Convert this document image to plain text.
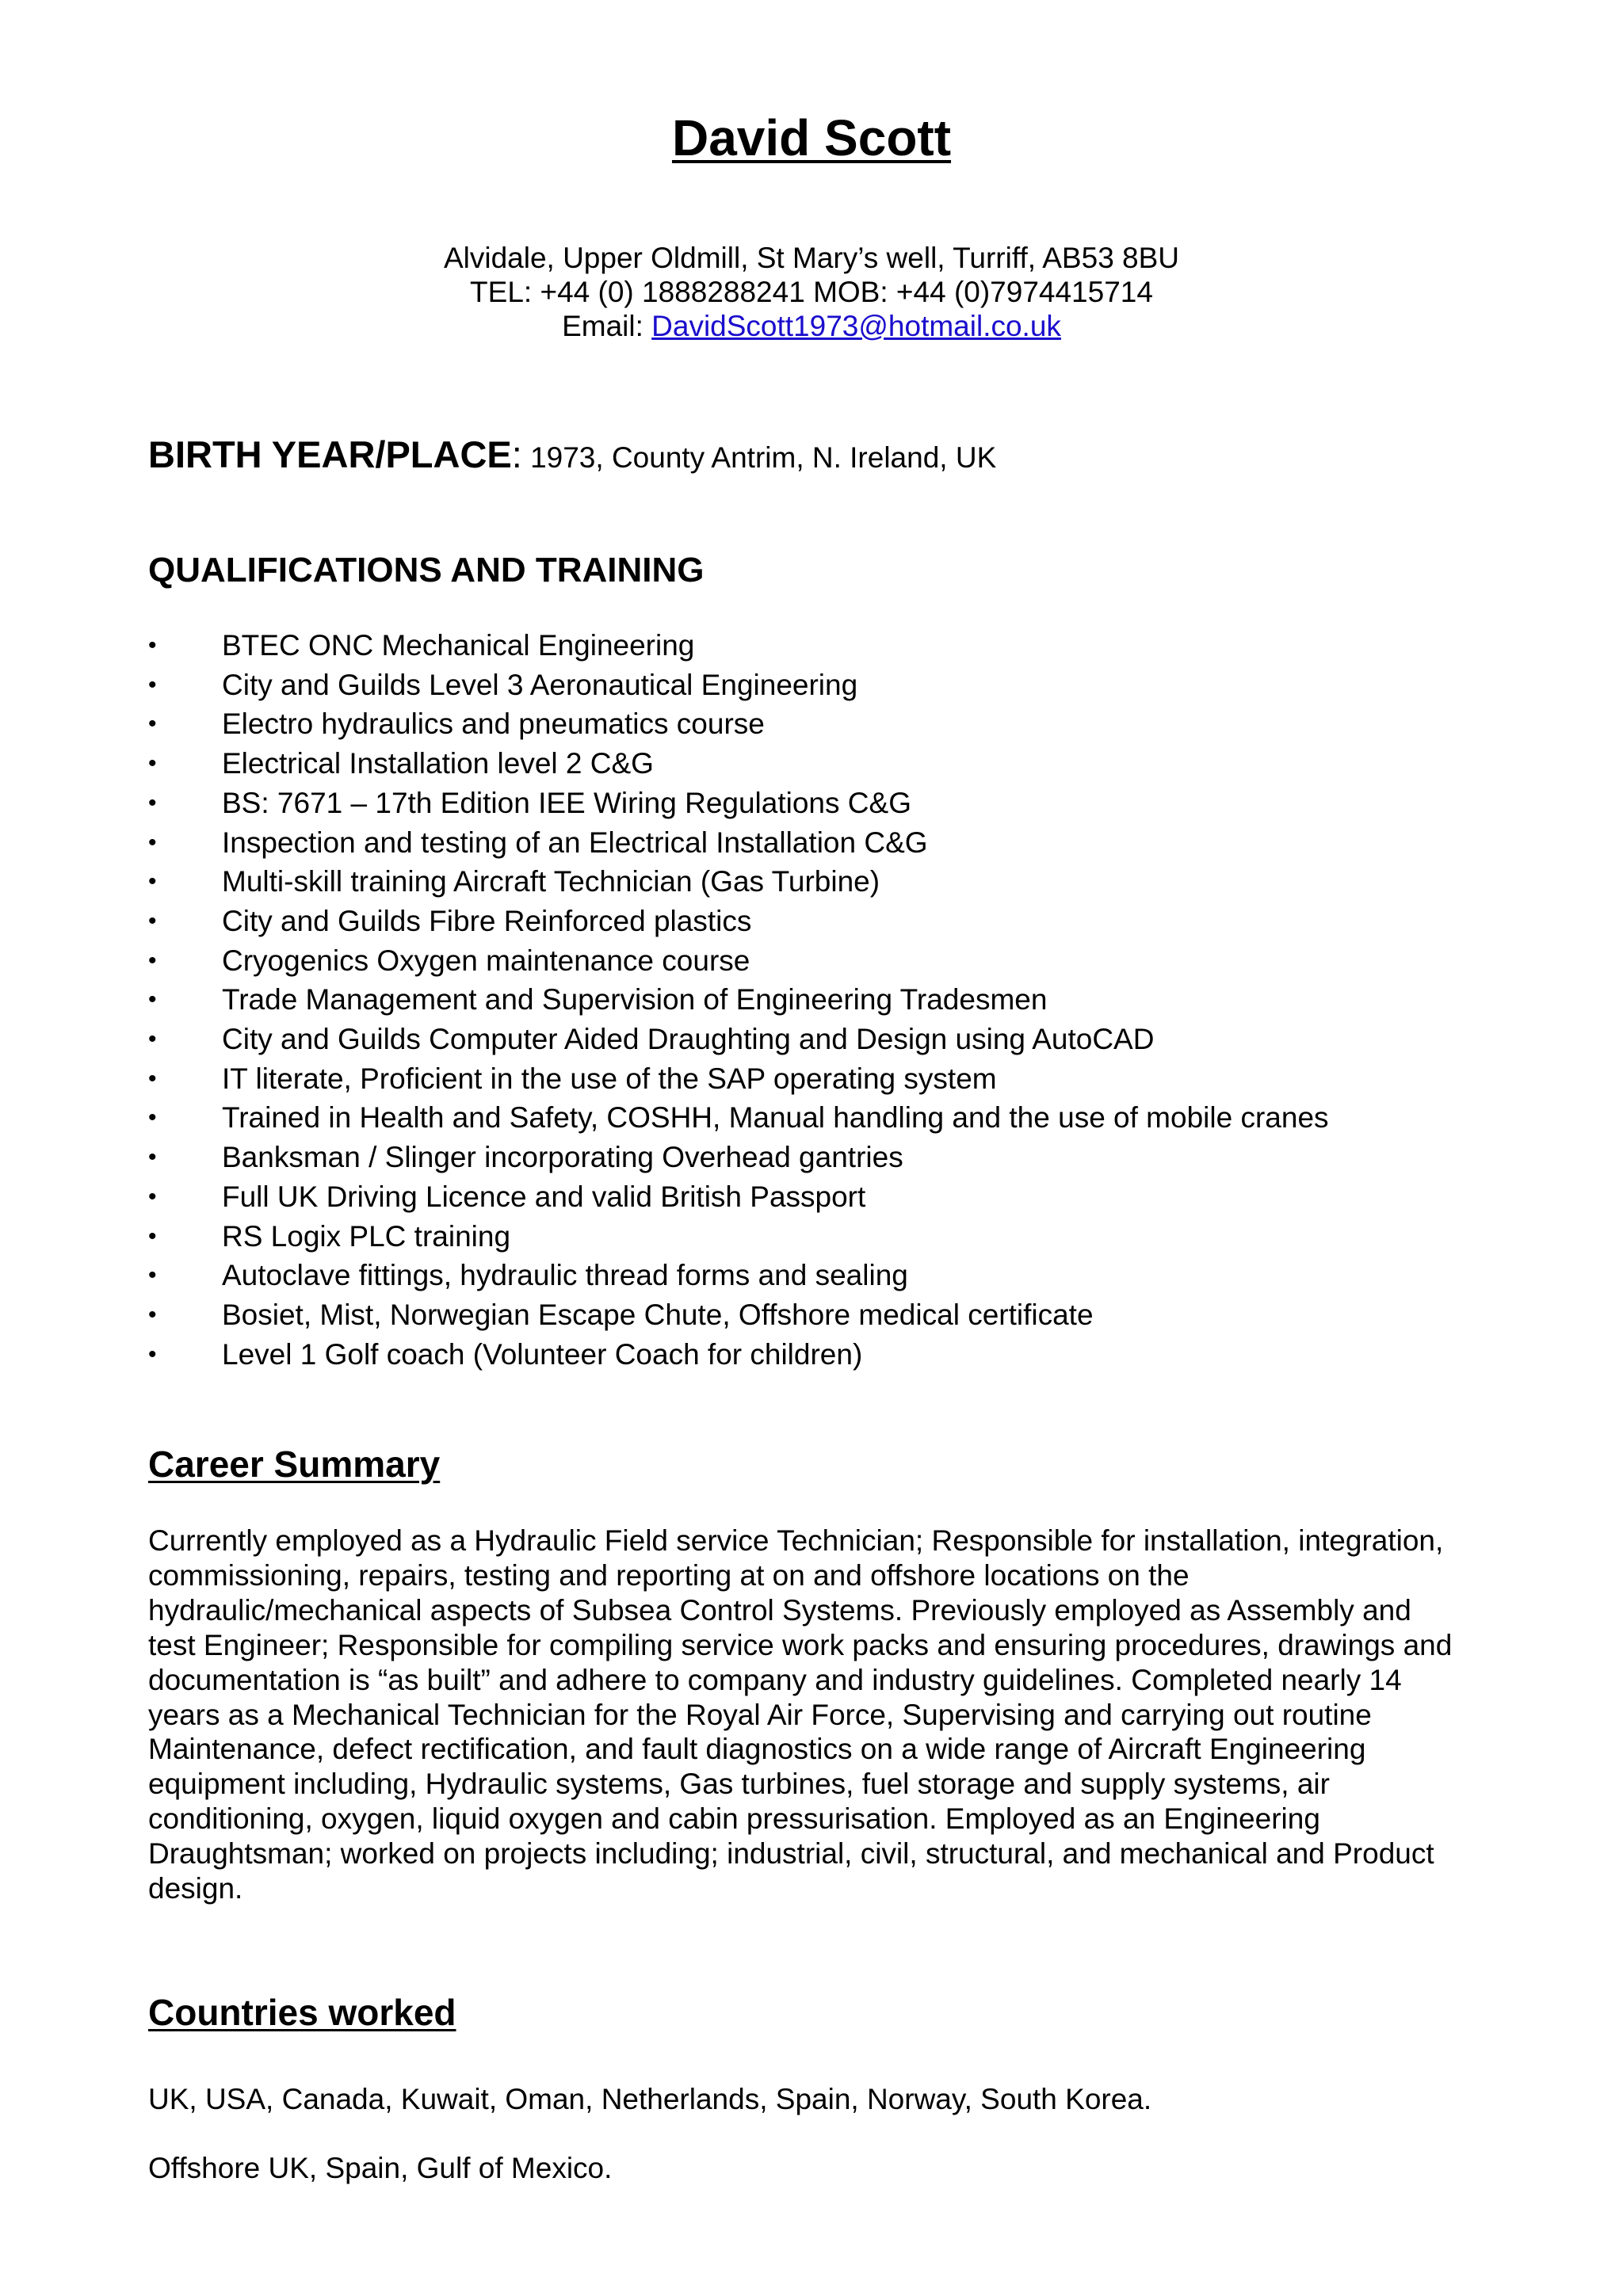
David Scott
Alvidale, Upper Oldmill, St Mary’s well, Turriff, AB53 8BU
TEL: +44 (0) 1888288241 MOB: +44 (0)7974415714
Email: DavidScott1973@hotmail.co.uk
BIRTH YEAR/PLACE: 1973, County Antrim, N. Ireland, UK
QUALIFICATIONS AND TRAINING
• BTEC ONC Mechanical Engineering
• City and Guilds Level 3 Aeronautical Engineering
• Electro hydraulics and pneumatics course
• Electrical Installation level 2 C&G
• BS: 7671 – 17th Edition IEE Wiring Regulations C&G
• Inspection and testing of an Electrical Installation C&G
• Multi-skill training Aircraft Technician (Gas Turbine)
• City and Guilds Fibre Reinforced plastics
• Cryogenics Oxygen maintenance course
• Trade Management and Supervision of Engineering Tradesmen
• City and Guilds Computer Aided Draughting and Design using AutoCAD
• IT literate, Proficient in the use of the SAP operating system
• Trained in Health and Safety, COSHH, Manual handling and the use of mobile cranes
• Banksman / Slinger incorporating Overhead gantries
• Full UK Driving Licence and valid British Passport
• RS Logix PLC training
• Autoclave fittings, hydraulic thread forms and sealing
• Bosiet, Mist, Norwegian Escape Chute, Offshore medical certificate
• Level 1 Golf coach (Volunteer Coach for children)
Career Summary
Currently employed as a Hydraulic Field service Technician; Responsible for installation, integration,
commissioning, repairs, testing and reporting at on and offshore locations on the
hydraulic/mechanical aspects of Subsea Control Systems. Previously employed as Assembly and
test Engineer; Responsible for compiling service work packs and ensuring procedures, drawings and
documentation is “as built” and adhere to company and industry guidelines. Completed nearly 14
years as a Mechanical Technician for the Royal Air Force, Supervising and carrying out routine
Maintenance, defect rectification, and fault diagnostics on a wide range of Aircraft Engineering
equipment including, Hydraulic systems, Gas turbines, fuel storage and supply systems, air
conditioning, oxygen, liquid oxygen and cabin pressurisation. Employed as an Engineering
Draughtsman; worked on projects including; industrial, civil, structural, and mechanical and Product
design.
Countries worked
UK, USA, Canada, Kuwait, Oman, Netherlands, Spain, Norway, South Korea.
Offshore UK, Spain, Gulf of Mexico.
